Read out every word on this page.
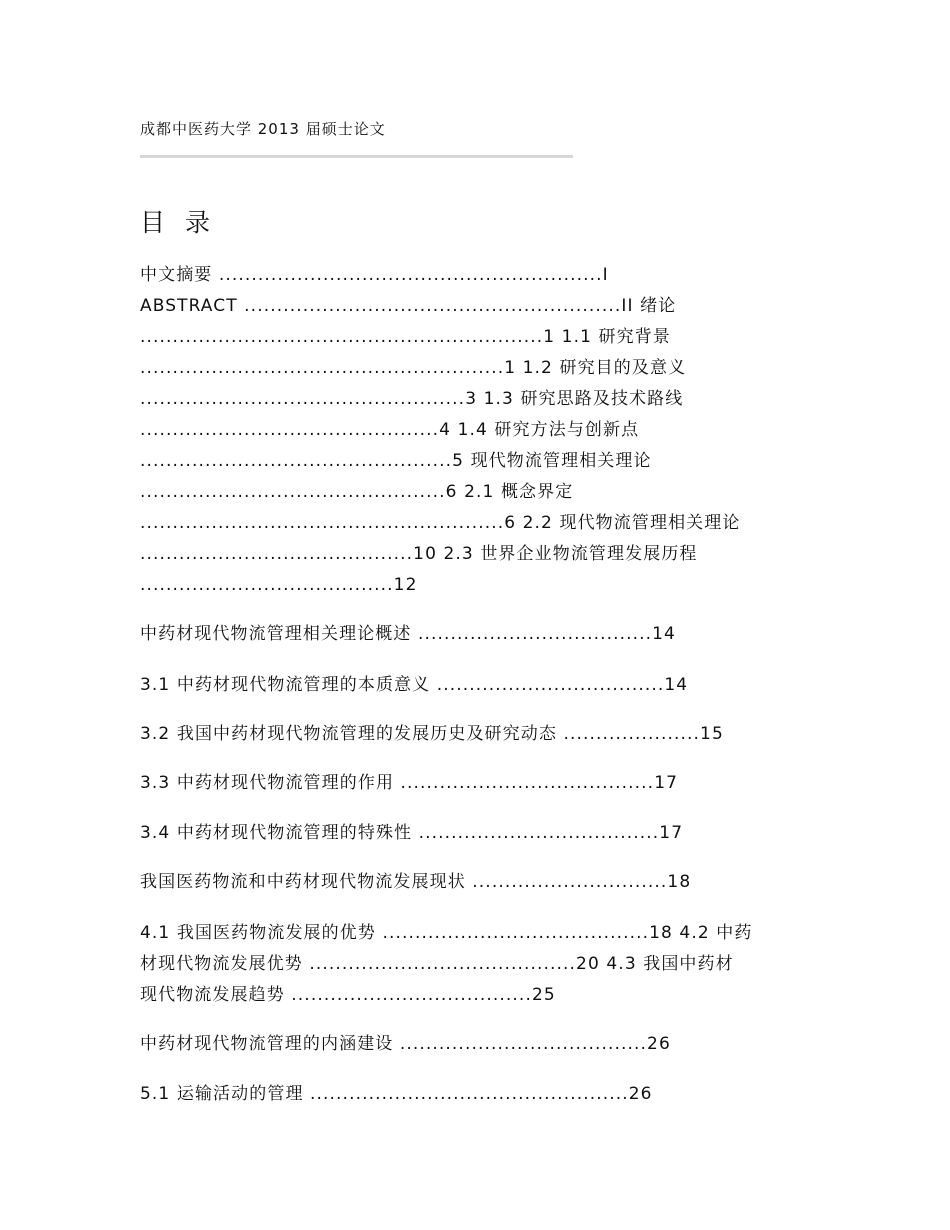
成都中医药大学 2013 届硕士论文
目 录
中文摘要 ...........................................................I
ABSTRACT ..........................................................II 绪论
..............................................................1 1.1 研究背景
........................................................1 1.2 研究目的及意义
..................................................3 1.3 研究思路及技术路线
..............................................4 1.4 研究方法与创新点
................................................5 现代物流管理相关理论
...............................................6 2.1 概念界定
........................................................6 2.2 现代物流管理相关理论
..........................................10 2.3 世界企业物流管理发展历程
.......................................12
中药材现代物流管理相关理论概述 ....................................14
3.1 中药材现代物流管理的本质意义 ...................................14
3.2 我国中药材现代物流管理的发展历史及研究动态 .....................15
3.3 中药材现代物流管理的作用 .......................................17
3.4 中药材现代物流管理的特殊性 .....................................17
我国医药物流和中药材现代物流发展现状 ..............................18
4.1 我国医药物流发展的优势 .........................................18 4.2 中药
材现代物流发展优势 .........................................20 4.3 我国中药材
现代物流发展趋势 .....................................25
中药材现代物流管理的内涵建设 ......................................26
5.1 运输活动的管理 .................................................26
